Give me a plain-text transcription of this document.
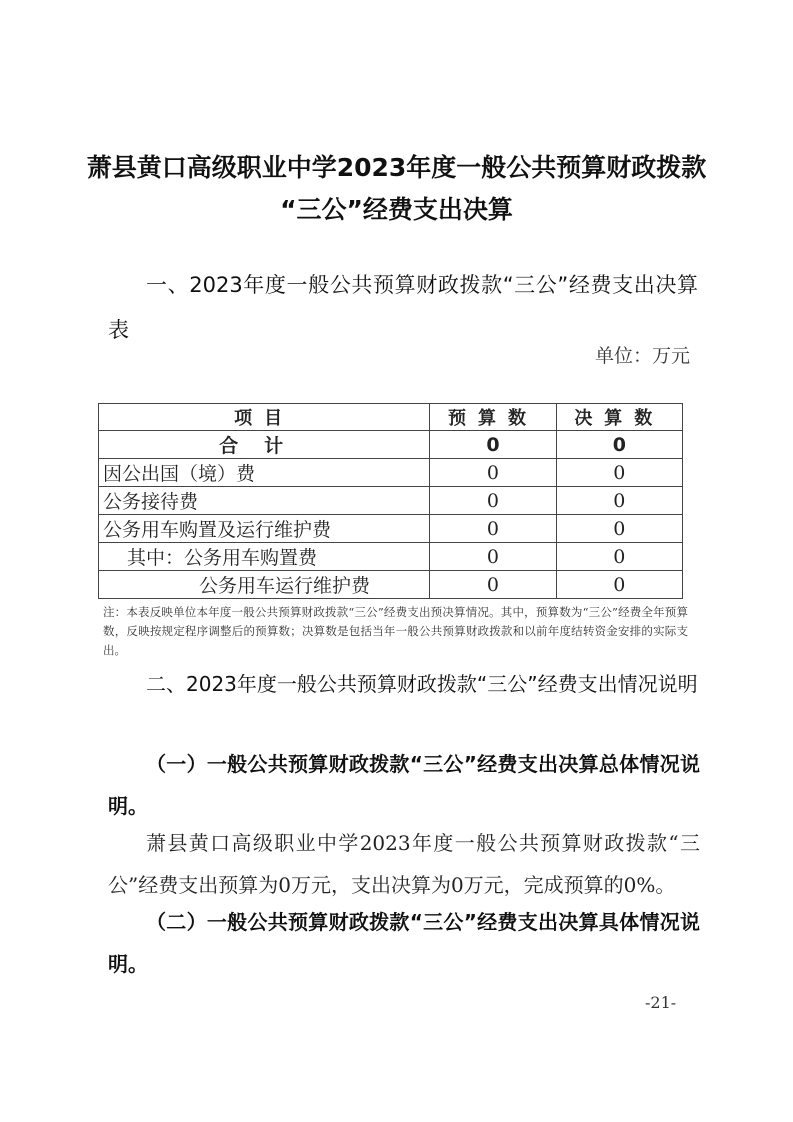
萧县黄口高级职业中学2023年度一般公共预算财政拨款
“三公”经费支出决算
一、2023年度一般公共预算财政拨款“三公”经费支出决算表
单位：万元
项目	预算数	决算数
合计	0	0
因公出国（境）费	0	0
公务接待费	0	0
公务用车购置及运行维护费	0	0
其中：公务用车购置费	0	0
公务用车运行维护费	0	0
注：本表反映单位本年度一般公共预算财政拨款“三公”经费支出预决算情况。其中，预算数为“三公”经费全年预算数，反映按规定程序调整后的预算数；决算数是包括当年一般公共预算财政拨款和以前年度结转资金安排的实际支出。
二、2023年度一般公共预算财政拨款“三公”经费支出情况说明
（一）一般公共预算财政拨款“三公”经费支出决算总体情况说明。
萧县黄口高级职业中学2023年度一般公共预算财政拨款“三公”经费支出预算为0万元，支出决算为0万元，完成预算的0%。
（二）一般公共预算财政拨款“三公”经费支出决算具体情况说明。
-21-
